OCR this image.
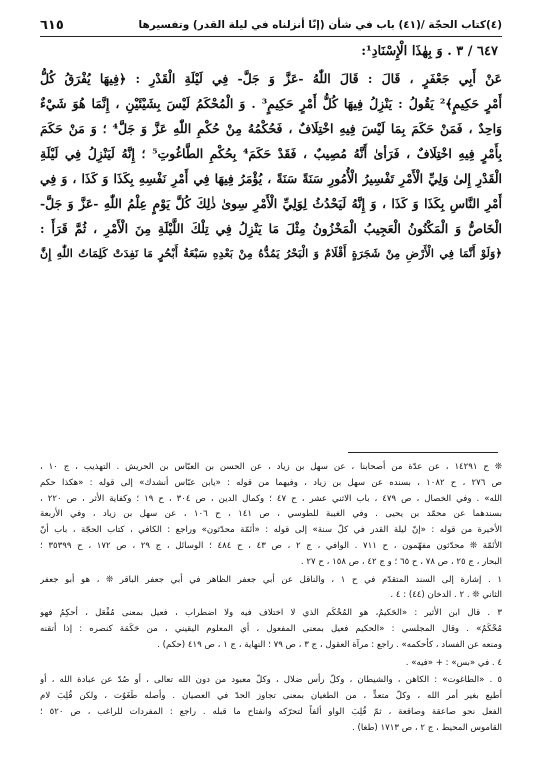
(٤)كتاب الحجّة /(٤١) باب في شأن (إنّا أنزلناه في ليلة القدر) وتفسيرها
٦١٥
٦٤٧ / ٣ . وَ بِهٰذَا الْإِسْنَادِ¹:
عَنْ أَبِي جَعْفَرٍ ، قَالَ : قَالَ اللّٰهُ -عَزَّ وَ جَلَّ- فِي لَيْلَةِ الْقَدْرِ : ﴿فِيهَا يُفْرَقُ كُلُّ
أَمْرٍ حَكِيمٍ﴾² يَقُولُ : يَنْزِلُ فِيهَا كُلُّ أَمْرٍ حَكِيمٍ³ . وَ الْمُحْكَمُ لَيْسَ بِشَيْئَيْنِ ، إِنَّمَا هُوَ شَيْءٌ
وَاحِدٌ ، فَمَنْ حَكَمَ بِمَا لَيْسَ فِيهِ اخْتِلَافٌ ، فَحُكْمُهُ مِنْ حُكْمِ اللّٰهِ عَزَّ وَ جَلَّ⁴ ؛ وَ مَنْ حَكَمَ
بِأَمْرٍ فِيهِ اخْتِلَافٌ ، فَرَأىٰ أَنَّهُ مُصِيبٌ ، فَقَدْ حَكَمَ⁴ بِحُكْمِ الطَّاغُوتِ⁵ ؛ إِنَّهُ لَيَنْزِلُ فِي لَيْلَةِ
الْقَدْرِ إِلىٰ وَلِيِّ الْأَمْرِ تَفْسِيرُ الْأُمُورِ سَنَةً سَنَةً ، يُؤْمَرُ فِيهَا فِي أَمْرِ نَفْسِهِ بِكَذَا وَ كَذَا ، وَ فِي
أَمْرِ النَّاسِ بِكَذَا وَ كَذَا ، وَ إِنَّهُ لَيَحْدُثُ لِوَلِيِّ الْأَمْرِ سِوىٰ ذٰلِكَ كُلَّ يَوْمٍ عِلْمُ اللّٰهِ -عَزَّ وَ جَلَّ-
الْخَاصُّ وَ الْمَكْنُونُ الْعَجِيبُ الْمَخْزُونُ مِثْلَ مَا يَنْزِلُ فِي تِلْكَ اللَّيْلَةِ مِنَ الْأَمْرِ ، ثُمَّ قَرَأَ :
﴿وَلَوْ أَنَّمَا فِي الْأَرْضِ مِنْ شَجَرَةٍ أَقْلَامٌ وَ الْبَحْرُ يَمُدُّهُ مِنْ بَعْدِهِ سَبْعَةُ أَبْحُرٍ مَا نَفِدَتْ كَلِمَاتُ اللّٰهِ إِنَّ
❊ ح ١٤٢٩١ ، عن عدّة من أصحابنا ، عن سهل بن زياد ، عن الحسن بن العبّاس بن الحريش . التهذيب ، ج ١٠ ،
ص ٢٧٦ ، ح ١٠٨٢ ، بسنده عن سهل بن زياد ، وفيهما من قوله : «يابن عبّاس أنشدك» إلى قوله : «هكذا حكم
الله» . وفي الخصال ، ص ٤٧٩ ، باب الاثني عشر ، ح ٤٧ ؛ وكمال الدين ، ص ٣٠٤ ، ح ١٩ ؛ وكفاية الأثر ، ص ٢٢٠ ،
بسندهما عن محمّد بن يحيى . وفي الغيبة للطوسي ، ص ١٤١ ، ح ١٠٦ ، عن سهل بن زياد ، وفي الأربعة
الأخيرة من قوله : «إنّ ليلة القدر في كلّ سنة» إلى قوله : «أئمّة محدّثون» وراجع : الكافي ، كتاب الحجّة ، باب أنّ
الأئمّة ❊ محدّثون مفهّمون ، ح ٧١١ . الوافي ، ج ٢ ، ص ٤٣ ، ح ٤٨٤ ؛ الوسائل ، ج ٢٩ ، ص ١٧٢ ، ح ٣٥٣٩٩ ؛
البحار ، ج ٢٥ ، ص ٧٨ ، ح ٦٥ ؛ و ج ٤٢ ، ص ١٥٨ ، ح ٢٧ .
١ . إشارة إلى السند المتقدّم في ح ١ ، والناقل عن أبي جعفر الظاهر في أبي جعفر الباقر ❊ ، هو أبو جعفر
الثاني ❊ . ٢ . الدخان (٤٤) : ٤ .
٣ . قال ابن الأثير : «الحَكيمُ، هو المُحْكَم الذي لا اختلاف فيه ولا اضطراب ، فعيل بمعنى مُفْعَل ، أحكِمُ فهو
مُحْكَمٌ» . وقال المجلسي : «الحكيم فعيل بمعنى المفعول ، أي المعلوم اليقيني ، من حَكَمَة كنصره : إذا أتقنه
ومنعه عن الفساد ، كأحكمه» . راجع : مرآة العقول ، ج ٣ ، ص ٧٩ ؛ النهاية ، ج ١ ، ص ٤١٩ (حكم) .
٤ . في «بس» : + «فيه» .
٥ . «الطاغوت» : الكاهن ، والشيطان ، وكلّ رأس ضلال ، وكلّ معبود من دون الله تعالى ، أو صُدّ عن عبادة الله ، أو
أُطيع بغير أمر الله ، وكلّ متعدٍّ ، من الطغيان بمعنى تجاوز الحدّ في العصيان . وأصله طَغَوُت ، ولكن قُلِبَ لام
الفعل نحو صاعقة وصاقعة ، ثمّ قُلِبَ الواو ألفاً لتحرّكه وانفتاح ما قبله . راجع : المفردات للراغب ، ص ٥٢٠ ؛
القاموس المحيط ، ج ٢ ، ص ١٧١٣ (طغا) .
